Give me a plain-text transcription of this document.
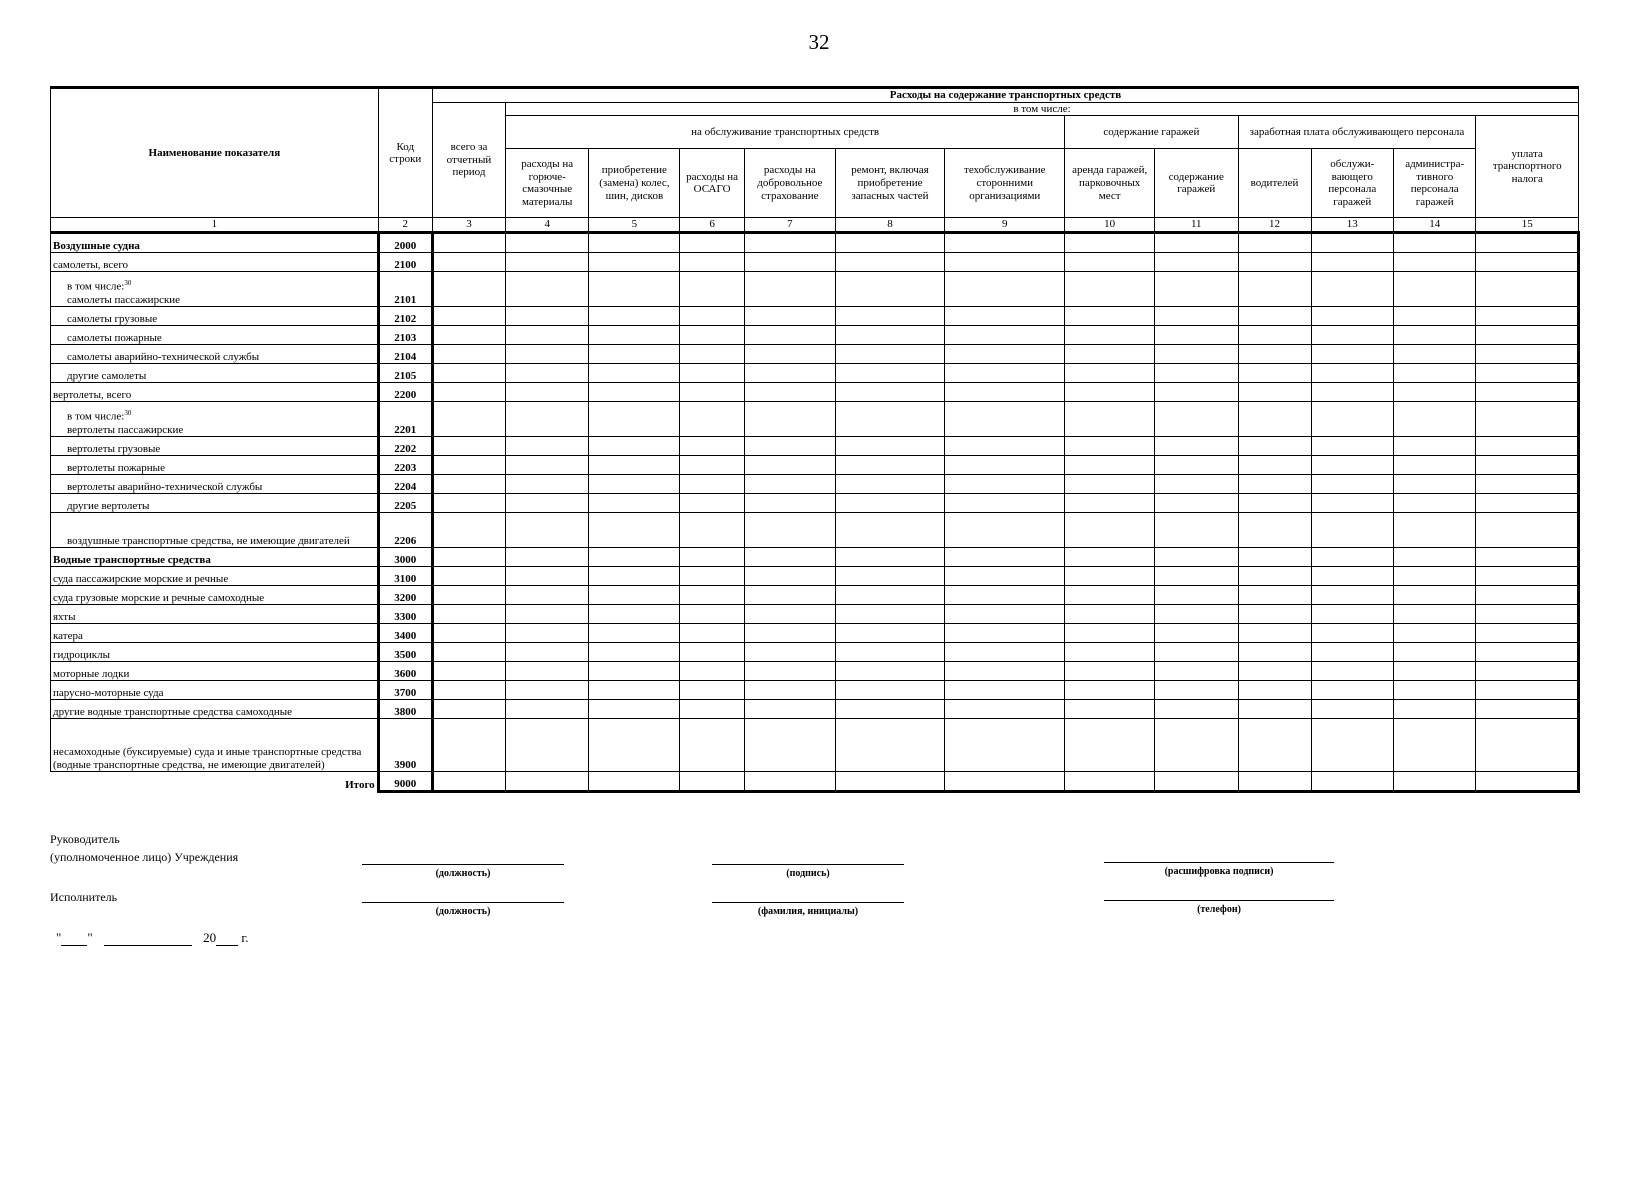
32
Наименование показателя	Код строки	Расходы на содержание транспортных средств												
		всего за отчетный период	в том числе:											
			на обслуживание транспортных средств						содержание гаражей		заработная плата обслуживающего персонала			уплата транспортного налога
			расходы на горюче-смазочные материалы	приобретение (замена) колес, шин, дисков	расходы на ОСАГО	расходы на добровольное страхование	ремонт, включая приобретение запасных частей	техобслуживание сторонними организациями	аренда гаражей, парковочных мест	содержание гаражей	водителей	обслужи-вающего персонала гаражей	администра-тивного персонала гаражей	
1	2	3	4	5	6	7	8	9	10	11	12	13	14	15
Воздушные судна	2000													
самолеты, всего	2100													

в том числе:$^{30}$
самолеты пассажирские	2101													
самолеты грузовые	2102													
самолеты пожарные	2103													
самолеты аварийно-технической службы	2104													
другие самолеты	2105													
вертолеты, всего	2200													

в том числе:$^{30}$
вертолеты пассажирские	2201													
вертолеты грузовые	2202													
вертолеты пожарные	2203													
вертолеты аварийно-технической службы	2204													
другие вертолеты	2205													
воздушные транспортные средства, не имеющие двигателей	2206													
Водные транспортные средства	3000													
суда пассажирские морские и речные	3100													
суда грузовые морские и речные самоходные	3200													
яхты	3300													
катера	3400													
гидроциклы	3500													
моторные лодки	3600													
парусно-моторные суда	3700													
другие водные транспортные средства самоходные	3800													
несамоходные (буксируемые) суда и иные транспортные средства (водные транспортные средства, не имеющие двигателей)	3900													
Итого	9000													
Руководитель
(уполномоченное лицо) Учреждения
(должность)	(подпись)	(расшифровка подписи)
Исполнитель
(должность)	(фамилия, инициалы)	(телефон)
" "	20 г.
